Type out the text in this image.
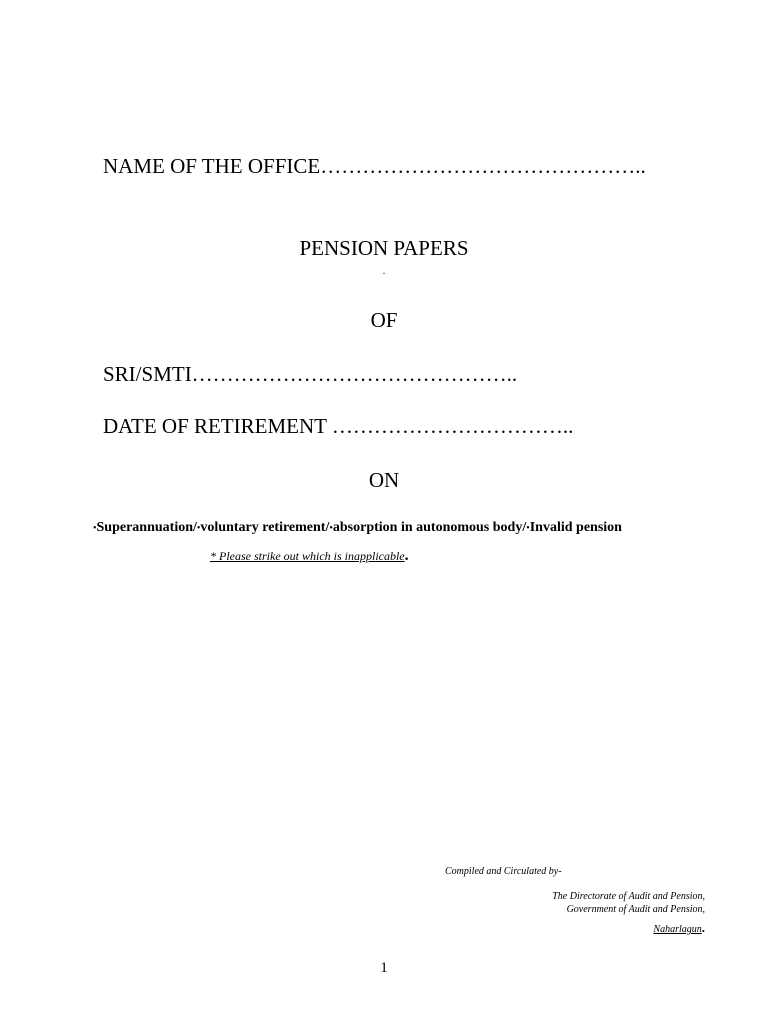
NAME OF THE OFFICE………………………………………..
PENSION PAPERS
.
OF
SRI/SMTI………………………………………..
DATE OF RETIREMENT ……………………………..
ON
•Superannuation/•voluntary retirement/•absorption in autonomous body/•Invalid pension
* Please strike out which is inapplicable.
Compiled and Circulated by-
The Directorate of Audit and Pension,
Government of Audit and Pension,
Naharlagun.
1
